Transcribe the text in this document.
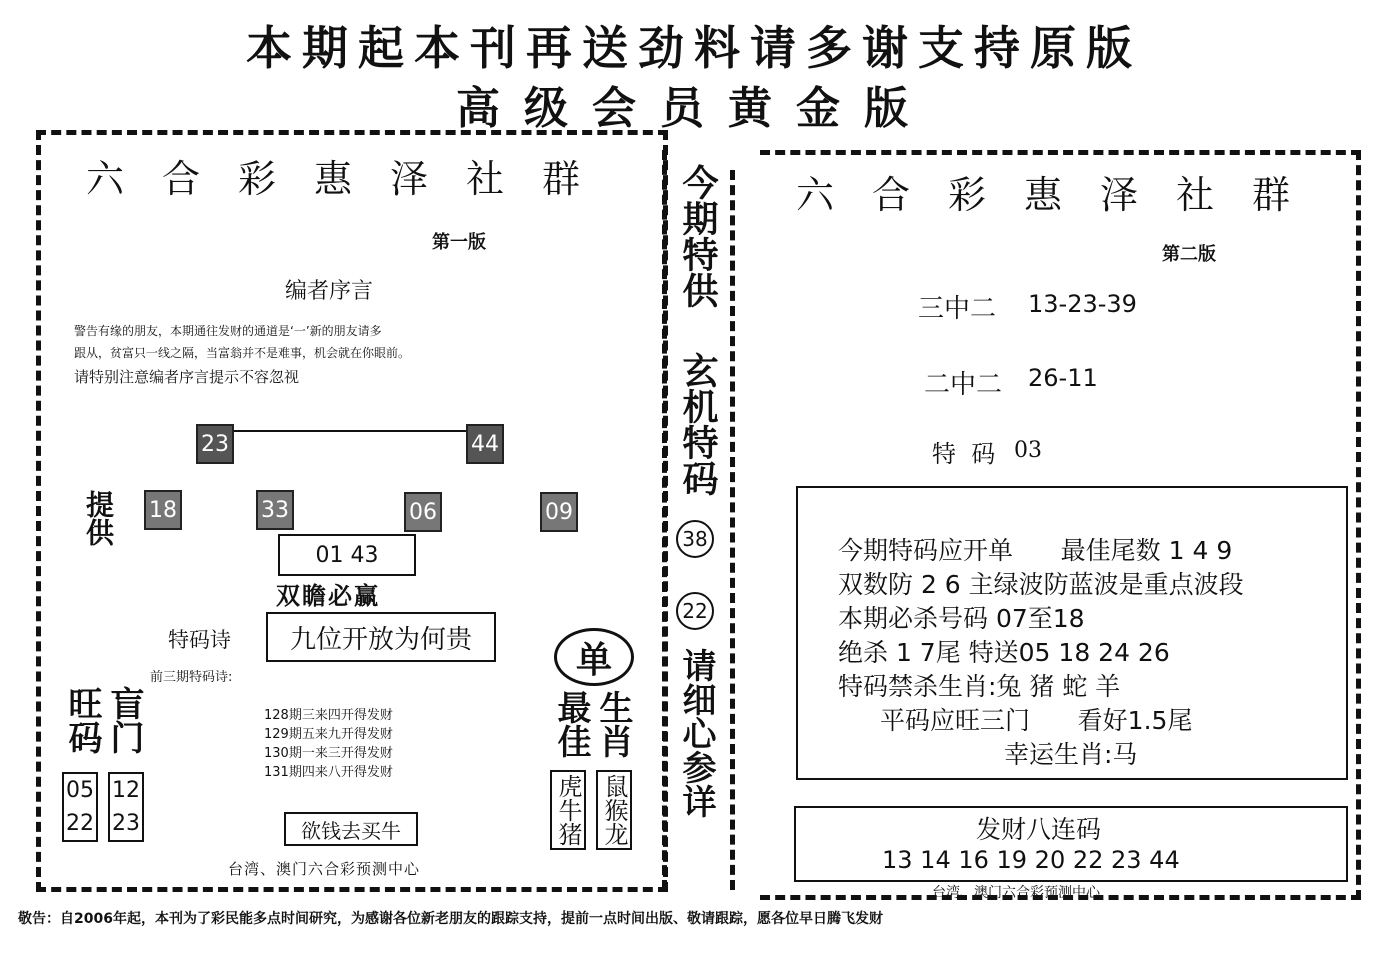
本期起本刊再送劲料请多谢支持原版
高级会员黄金版
六合彩惠泽社群
第一版
编者序言
警告有缘的朋友，本期通往发财的通道是‘一’新的朋友请多
跟从，贫富只一线之隔，当富翁并不是难事，机会就在你眼前。
请特别注意编者序言提示不容忽视
23	44
提供 18	33	06	09
01 43
双瞻必赢
特码诗	九位开放为何贵
前三期特码诗:
128期三来四开得发财
129期五来九开得发财
130期一来三开得发财
131期四来八开得发财
旺码 盲门
05
22
12
23	欲钱去买牛
台湾、澳门六合彩预测中心
单
最佳 生肖
虎牛猪 鼠猴龙
今期特供
玄机特码
38
22
请细心参详
六合彩惠泽社群
第二版
三中二 13-23-39
二中二 26-11
特  码 03
今期特码应开单      最佳尾数 1 4 9
双数防 2 6 主绿波防蓝波是重点波段
本期必杀号码 07至18
绝杀 1 7尾 特送05 18 24 26
特码禁杀生肖:兔 猪 蛇 羊
平码应旺三门      看好1.5尾
幸运生肖:马
发财八连码
13 14 16 19 20 22 23 44
台湾、澳门六合彩预测中心
敬告：自2006年起，本刊为了彩民能多点时间研究，为感谢各位新老朋友的跟踪支持，提前一点时间出版、敬请跟踪，愿各位早日腾飞发财
